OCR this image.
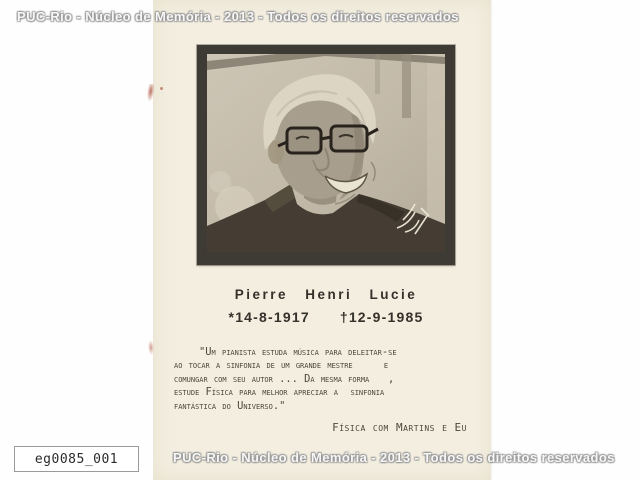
Pierre Henri Lucie
*14-8-1917 †12-9-1985
"Um pianista estuda música para deleitar-se
ao tocar a sinfonia de um grande mestre     e
comungar com seu autor ... Da mesma forma   ,
estude Física para melhor apreciar a  sinfonia
fantástica do Universo."
Física com Martins e Eu
PUC-Rio - Núcleo de Memória - 2013 - Todos os direitos reservados
PUC-Rio - Núcleo de Memória - 2013 - Todos os direitos reservados
eg0085_001
